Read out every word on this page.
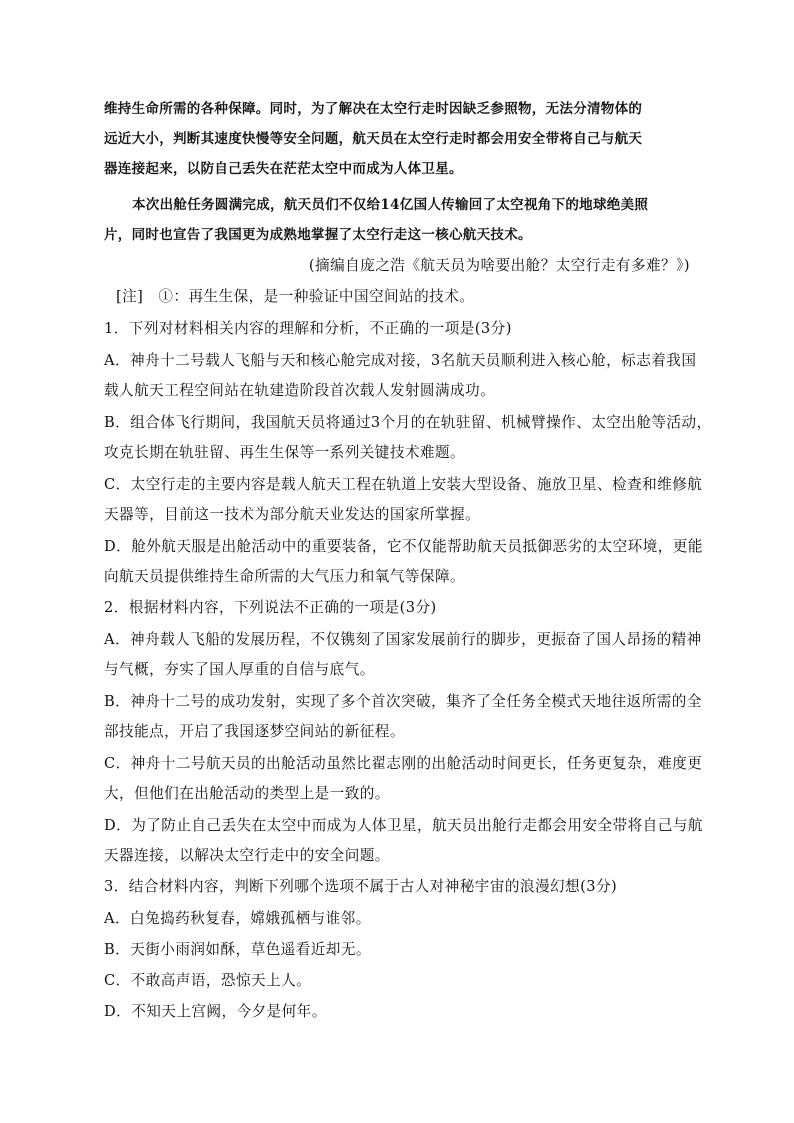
维持生命所需的各种保障。同时，为了解决在太空行走时因缺乏参照物，无法分清物体的
远近大小，判断其速度快慢等安全问题，航天员在太空行走时都会用安全带将自己与航天
器连接起来，以防自己丢失在茫茫太空中而成为人体卫星。
本次出舱任务圆满完成，航天员们不仅给14亿国人传输回了太空视角下的地球绝美照
片，同时也宣告了我国更为成熟地掌握了太空行走这一核心航天技术。
(摘编自庞之浩《航天员为啥要出舱？太空行走有多难？》)
[注]　①：再生生保，是一种验证中国空间站的技术。
1．下列对材料相关内容的理解和分析，不正确的一项是(3分)
A．神舟十二号载人飞船与天和核心舱完成对接，3名航天员顺利进入核心舱，标志着我国
载人航天工程空间站在轨建造阶段首次载人发射圆满成功。
B．组合体飞行期间，我国航天员将通过3个月的在轨驻留、机械臂操作、太空出舱等活动，
攻克长期在轨驻留、再生生保等一系列关键技术难题。
C．太空行走的主要内容是载人航天工程在轨道上安装大型设备、施放卫星、检查和维修航
天器等，目前这一技术为部分航天业发达的国家所掌握。
D．舱外航天服是出舱活动中的重要装备，它不仅能帮助航天员抵御恶劣的太空环境，更能
向航天员提供维持生命所需的大气压力和氧气等保障。
2．根据材料内容，下列说法不正确的一项是(3分)
A．神舟载人飞船的发展历程，不仅镌刻了国家发展前行的脚步，更振奋了国人昂扬的精神
与气概，夯实了国人厚重的自信与底气。
B．神舟十二号的成功发射，实现了多个首次突破，集齐了全任务全模式天地往返所需的全
部技能点，开启了我国逐梦空间站的新征程。
C．神舟十二号航天员的出舱活动虽然比翟志刚的出舱活动时间更长，任务更复杂，难度更
大，但他们在出舱活动的类型上是一致的。
D．为了防止自己丢失在太空中而成为人体卫星，航天员出舱行走都会用安全带将自己与航
天器连接，以解决太空行走中的安全问题。
3．结合材料内容，判断下列哪个选项不属于古人对神秘宇宙的浪漫幻想(3分)
A．白兔捣药秋复春，嫦娥孤栖与谁邻。
B．天街小雨润如酥，草色遥看近却无。
C．不敢高声语，恐惊天上人。
D．不知天上宫阙，今夕是何年。
